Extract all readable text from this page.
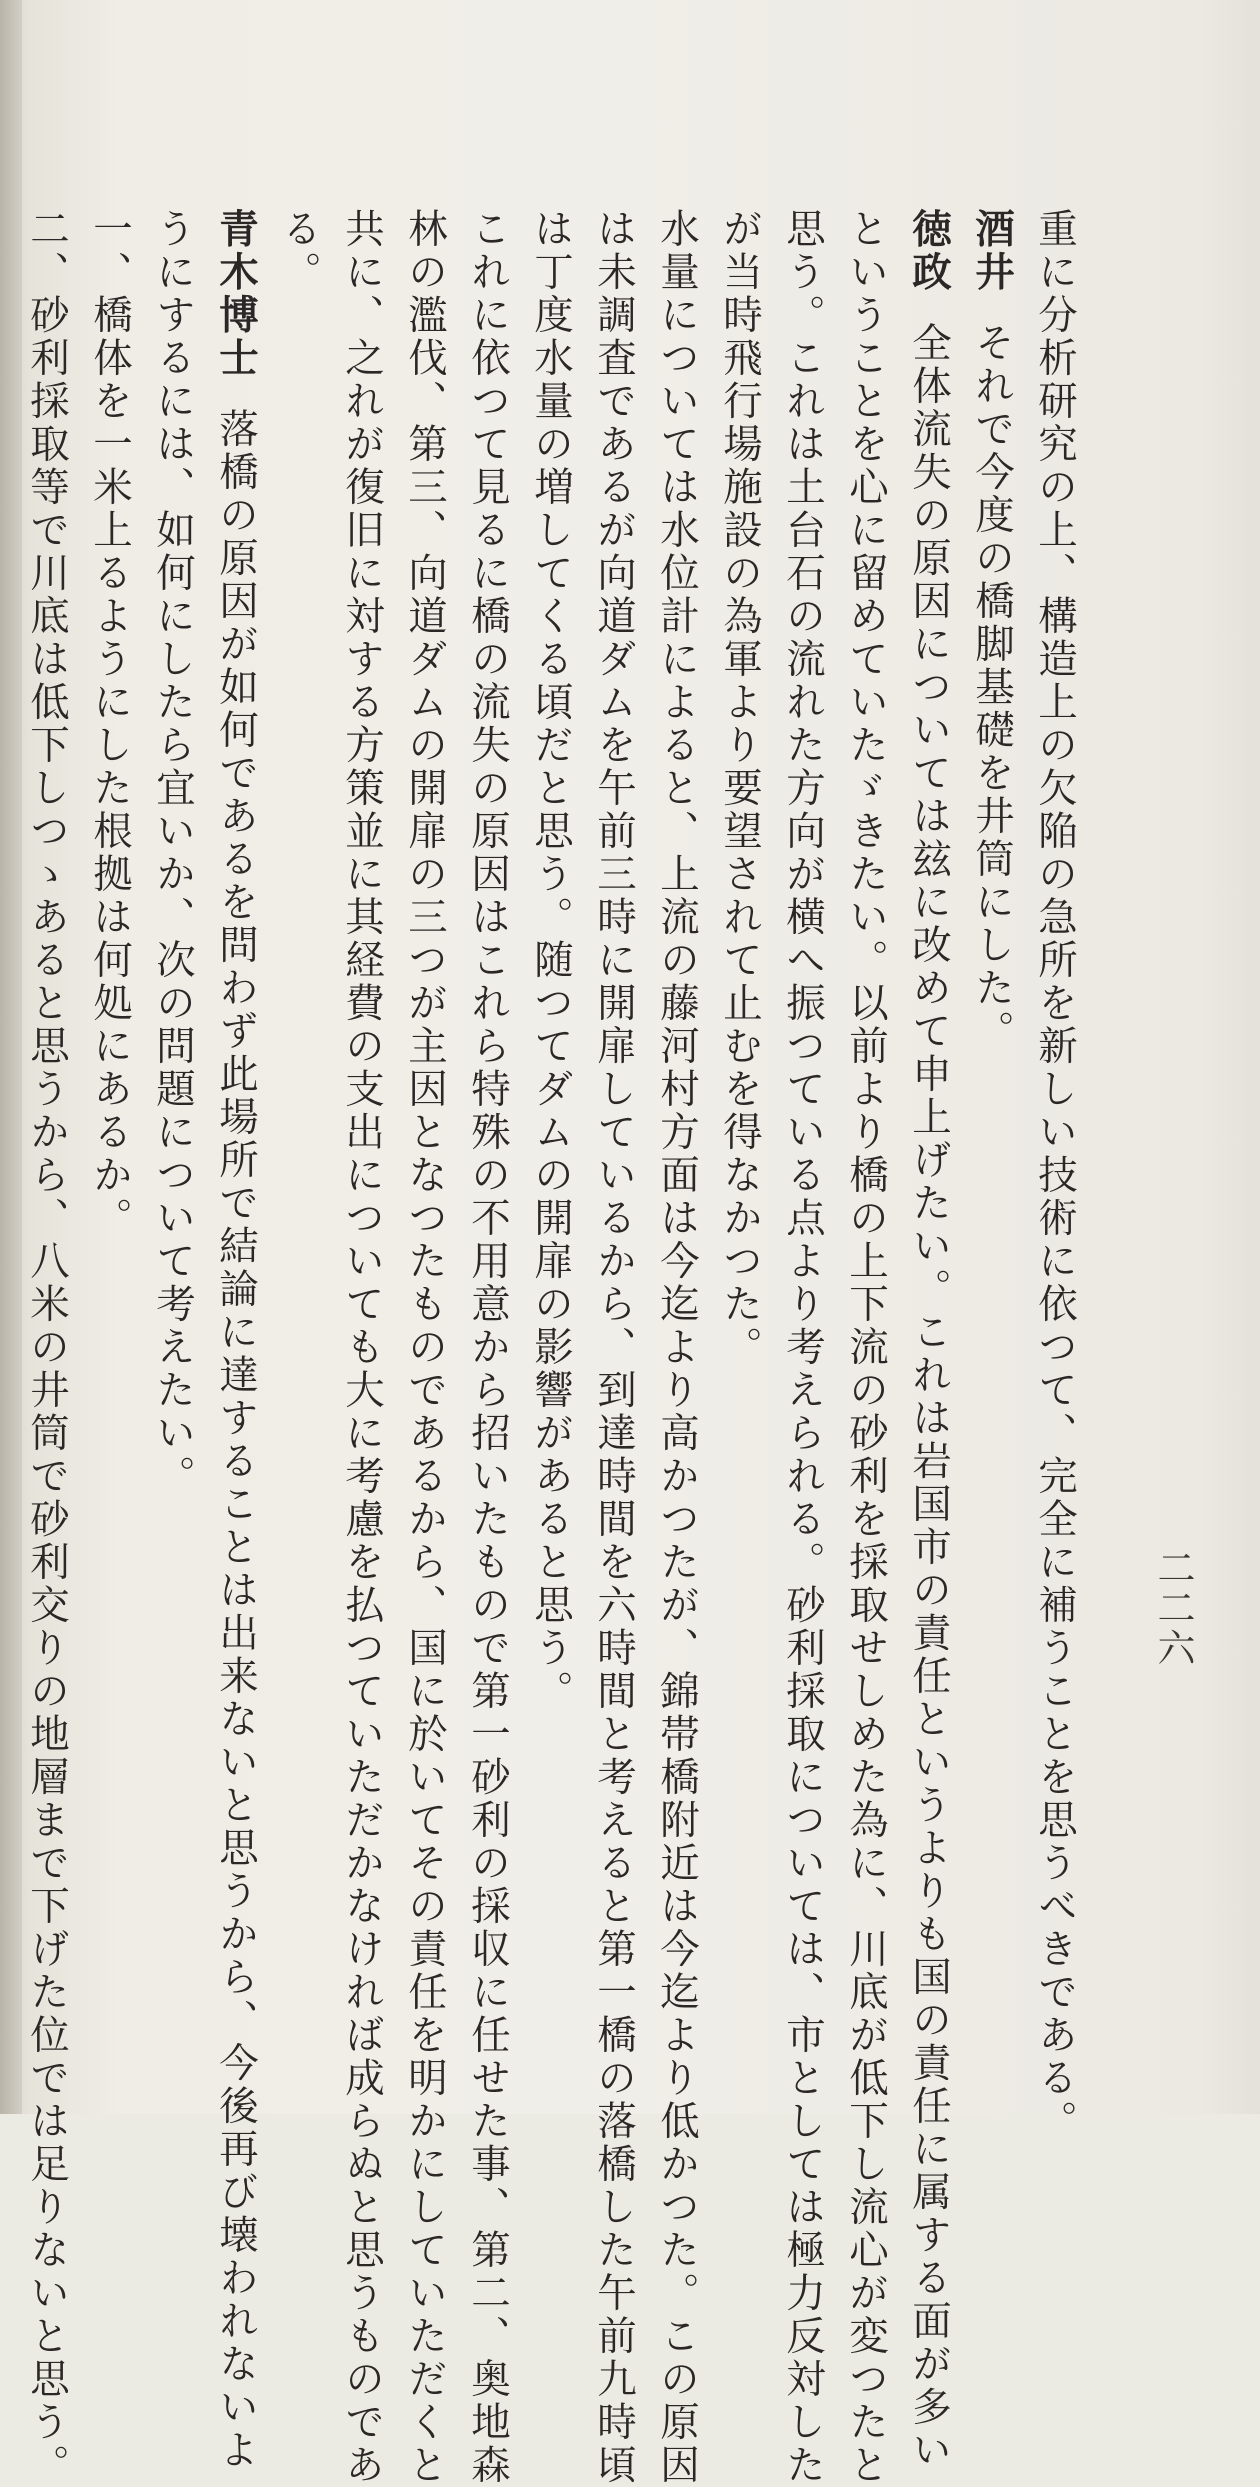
二二六
重に分析研究の上、構造上の欠陥の急所を新しい技術に依つて、完全に補うことを思うべきである。
酒井それで今度の橋脚基礎を井筒にした。
徳政全体流失の原因については玆に改めて申上げたい。これは岩国市の責任というよりも国の責任に属する面が多い
ということを心に留めていたゞきたい。以前より橋の上下流の砂利を採取せしめた為に、川底が低下し流心が変つたと
思う。これは土台石の流れた方向が横へ振つている点より考えられる。砂利採取については、市としては極力反対した
が当時飛行場施設の為軍より要望されて止むを得なかつた。
水量については水位計によると、上流の藤河村方面は今迄より高かつたが、錦帯橋附近は今迄より低かつた。この原因
は未調査であるが向道ダムを午前三時に開扉しているから、到達時間を六時間と考えると第一橋の落橋した午前九時頃
は丁度水量の増してくる頃だと思う。随つてダムの開扉の影響があると思う。
これに依つて見るに橋の流失の原因はこれら特殊の不用意から招いたもので第一砂利の採収に任せた事、第二、奥地森
林の濫伐、第三、向道ダムの開扉の三つが主因となつたものであるから、国に於いてその責任を明かにしていただくと
共に、之れが復旧に対する方策並に其経費の支出についても大に考慮を払つていただかなければ成らぬと思うものであ
る。
青木博士落橋の原因が如何であるを問わず此場所で結論に達することは出来ないと思うから、今後再び壊われないよ
うにするには、如何にしたら宜いか、次の問題について考えたい。
一、橋体を一米上るようにした根拠は何処にあるか。
二、砂利採取等で川底は低下しつゝあると思うから、八米の井筒で砂利交りの地層まで下げた位では足りないと思う。
